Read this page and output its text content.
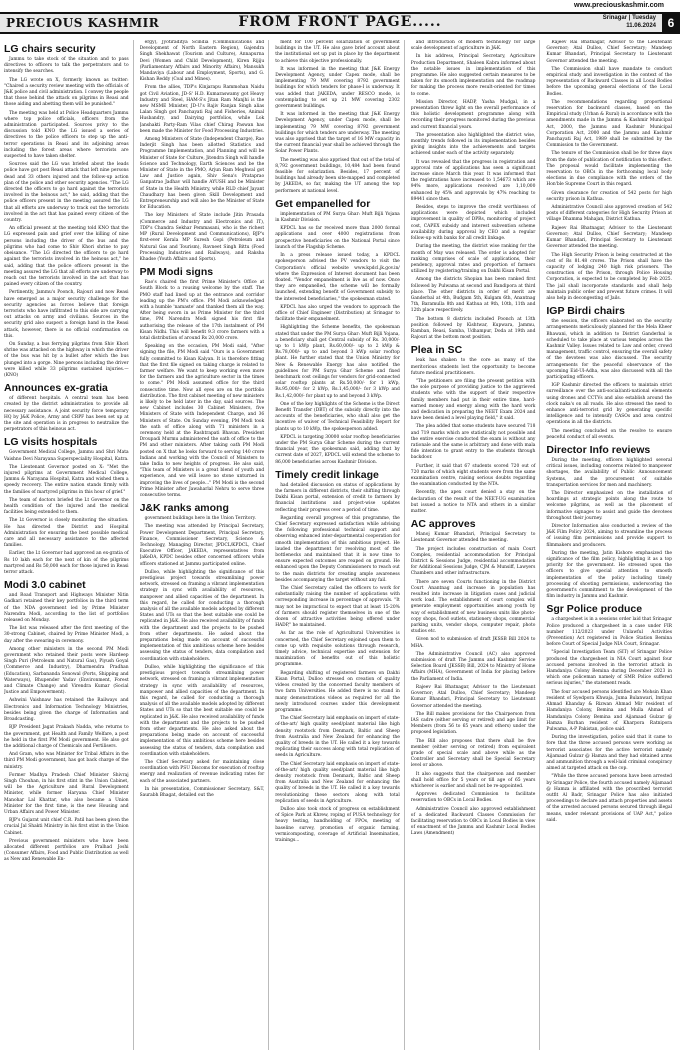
www.preciouskashmir.com
PRECIOUS KASHMIR	FROM FRONT PAGE.....	Srinagar | Tuesday
11.06.2024 6
LG chairs security

Jammu to take stock of the situation and to pass directives to officers to talk the perpetrators and to intensify the searches.

The LG wrote on X, formerly known as twitter: "Chaired a security review meeting with the officials of J&K police and civil administration. I convey the people that those behind the attack on pilgrims in Reasi and those aiding and abetting them will be punished."

The meeting was held at Police Headquarters Jammu where top police officials, officers from the administration participated. Sources privy to the discussion told KNO the LG issued a series of directives to the police officers to step up the anti-terror operations in Reasi and its adjoining areas including the forest areas where terrorists are suspected to have taken shelter.

Sources said the LG was briefed about the leads police have got post Reasi attack that left nine persons dead and 33 others injured and the follow-up action plan of the police and other security agencies. "The LG directed the officers to go hard against the terrorists involved in the heinous act," he said, adding that the police officers present in the meeting assured the LG that all efforts are underway to track out the terrorists involved in the act that has pained every citizen of the country.

An official present at the meeting told KNO that the LG expressed pain and grief over the killing of nine persons including the driver of the bus and the pilgrims who had come to Shiv Khori shrine to pay obeisance. "The LG directed the officers to go hard against the terrorists involved in the heinous act," he said, adding that the police officers present in the meeting assured the LG that all efforts are underway to reach out the terrorists involved in the act that has pained every citizen of the country.

Pertinently, Jammu's Poonch, Rajouri and now Reasi have emerged as a major security challenge for the security agencies as forces believe that foreign terrorists who have infiltrated to this side are carrying out attacks on army and civilians. Sources in the security grid also suspect a foreign hand in the Reasi attack, however, there is no official confirmation on this.

On Sunday, a bus ferrying pilgrims from Shiv Khori shrine was attacked on the highway in which the driver of the bus was hit by a bullet after which the bus plunged into a gorge. Nine persons including the driver were killed while 33 pilgrims sustained injuries.—(KNO)

Announces ex-gratia

of different hospitals. A central team has been created by the district administration to provide all necessary assistance. A joint security force temporary HQ by J&K Police, Army and CRPF has been set up at the site and operation is in progress to neutralize the perpetrators of this heinous act.

LG visits hospitals

Government Medical College, Jammu and Shri Mata Vaishno Devi Narayana Superspeciality Hospital, Katra.

The Lieutenant Governor posted on X: "Met the injured pilgrims at Government Medical College, Jammu & Narayana Hospital, Katra and wished them a speedy recovery. The entire nation stands firmly with the families of martyred pilgrims in this hour of grief."

The team of doctors briefed the Lt Governor on the health condition of the injured and the medical facilities being extended to them.

The Lt Governor is closely monitoring the situation. He has directed the District and Hospital Administration for ensuring the best possible medical care and all necessary assistance to the affected families.

Earlier, the Lt Governor had approved an ex-gratia of Rs 10 lakh each for the next of kin of the pilgrims martyred and Rs 50,000 each for those injured in Reasi terror attack.

Modi 3.0 cabinet

and Road Transport and Highways Minister Nitin Gadkari retained their key portfolios in the third term of the NDA government led by Prime Minister Narendra Modi, according to the list of portfolios released on Monday.

The list was released after the first meeting of the 30-strong Cabinet, chaired by Prime Minister Modi, a day after the swearing-in ceremony.

Among other ministers in the second PM Modi government who retained their posts were Hardeep Singh Puri (Petroleum and Natural Gas), Piyush Goyal (Commerce and Industry), Dharmendra Pradhan (Education), Sarbananda Sonowal (Ports, Shipping and Waterways), Bhupender Yadav (Environment, Forest and Climate Change) and Virendra Kumar (Social Justice and Empowerment).

Ashwini Vaishnaw has retained the Railways and Electronics and Information Technology Ministries, besides being given the charge of Information and Broadcasting.

BJP President Jagat Prakash Nadda, who returns to the government, got Health and Family Welfare, a post he held in the first PM Modi government. He also got the additional charge of Chemicals and Fertilisers.

And Gram, who was Minister for Tribal Affairs in the third PM Modi government, has got back charge of the ministry.

Former Madhya Pradesh Chief Minister Shivraj Singh Chouhan, in his first stint in the Union Cabinet, will be the Agriculture and Rural Development Minister, while former Haryana Chief Minister Manohar Lal Khattar, who also became a Union Minister for the first time, is the new Housing and Urban Affairs and Power Minister.

BJP's Gujarat unit chief C.R. Patil has been given the crucial Jal Shakti Ministry in his first stint in the Union Cabinet.

Previous government ministers who have been allocated different portfolios are Pralhad Joshi (Consumer Affairs, Food and Public Distribution as well as New and Renewable En-

ergy), Jyotiraditya Scindia (Communications and Development of North Eastern Region), Gajendra Singh Shekhawat (Tourism and Culture), Annapurna Devi (Women and Child Development), Kiren Rijiju (Parliamentary Affairs and Minority Affairs), Mansukh Mandaviya (Labour and Employment, Sports), and G. Kishan Reddy (Coal and Mines).

From the allies, TDP's Kinjarapu Rammohan Naidu got Civil Aviation, JD-S' H.D. Kumaraswamy got Heavy Industry and Steel, HAM-S's Jitan Ram Manjhi is the new MSME Minister, JD-U's Rajiv Ranjan Singh alias Lalan Singh got Panchayati Raj and Fisheries, Animal Husbandry, and Dairying portfolios, while Lok Janshakti Party-Ram Vilas chief Chirag Paswan has been made the Minister for Food Processing Industries.

Among Ministers of State (Independent Charge), Rao Inderjit Singh has been allotted Statistics and Programme Implementation, and Planning and will be Minister of State for Culture, Jitendra Singh will handle Science and Technology, Earth Sciences and be the Minister of State in the PMO, Arjun Ram Meghwal got Law and Justice again, Shiv Sena's Prataprao Ganpatrao Jadhav will handle AYUSH and be Minister of State in the Health Ministry, while RLD chief Jayant Chaudhary has been given Skill Development and Entrepreneurship and will also be the Minister of State for Education.

The key Ministers of State include Jitin Prasada (Commerce and Industry and Electronics and IT), TDP's Chandra Sekhar Pemmasani, who is the richest MP (Rural Development and Communications), BJP's first-ever Kerala MP Suresh Gopi (Petroleum and Natural Gas and Tourism), Ravneet Singh Bittu (Food Processing Industries and Railways), and Raksha Khadse (Youth Affairs and Sports).

PM Modi signs

Rao's chaired the first Prime Minister's Office at South Block to a rousing welcome by the staff. The PMO staff had lined up at the entrance and corridor leading up the PM's office. PM Modi acknowledged with a humble 'namaste' and thanked them all the way. After being sworn in as Prime Minister for the third time, PM Narendra Modi signed his first file authorising the release of the 17th instalment of PM Kisan Nidhi. This will benefit 9.3 crore farmers with a total distribution of around Rs 20,000 crore.

Speaking on the occasion, PM Modi said, "After signing the file, PM Modi said "Ours is a Government fully committed to Kisan Kalyan. It is therefore fitting that the first file signed on taking charge is related to farmer welfare. We want to keep working even more for the farmers and the agriculture sector in the times to come." PM Modi assumed office for the third consecutive time. Now all eyes are on the portfolio distribution. The first cabinet meeting of new ministers is likely to be held later in the day, said sources. The new Cabinet includes 30 Cabinet Ministers, five Ministers of State with Independent Charge, and 36 Ministers of State. On Sunday evening, PM Modi took the oath of office along with 71 ministers in a ceremony held at the Rashtrapati Bhavan. President Droupadi Murmu administered the oath of office to the PM and other ministers. After taking oath PM Modi posted on X that he looks forward to serving 140 crore Indians and working with the Council of Ministers to take India to new heights of progress. He also said, "This team of Ministers is a great blend of youth and experience, and we will leave no stone unturned in improving the lives of people..." PM Modi is the second Prime Minister after Jawaharlal Nehru to serve three consecutive terms.

J&K ranks among

government buildings here in the Union Territory.

The meeting was attended by Principal Secretary, Power Development Department, Principal Secretary, Finance, Commissioner Secretary, Science & Technology, Managing Director, JPDCL/KPDCL, Chief Executive Officer, JAKEDA, representatives from JaKeDA, KPDC besides other concerned officers while officers stationed at Jammu participated online.

Dulloo, while highlighting the significance of this prestigious project towards streamlining power network, stressed on framing a vibrant implementation strategy in sync with availability of resources, manpower and allied capacities of the department. In this regard, he called for conducting a thorough analysis of all the available models adopted by different States and UTs so that the best suitable one could be replicated in J&K. He also received availability of funds with the department and the projects to be pushed from other departments. He asked about the preparations being made on account of successful implementation of this ambitious scheme here besides assessing the status of tenders, data compilation and coordination with stakeholders.

Dulloo, while highlighting the significance of this prestigious project towards streamlining power network, stressed on framing a vibrant implementation strategy in sync with availability of resources, manpower and allied capacities of the department. In this regard, he called for conducting a thorough analysis of all the available models adopted by different States and UTs so that the best suitable one could be replicated in J&K. He also received availability of funds with the department and the projects to be pushed from other departments. He also asked about the preparations being made on account of successful implementation of this ambitious scheme here besides assessing the status of tenders, data compilation and coordination with stakeholders.

The Chief Secretary asked for maintaining close coordination with PSU Discoms for execution of rooftop energy and realization of revenue indicating rates for each of the associated partners.

In his presentation, Commissioner Secretary, S&T, Saurabh Bhagat, detailed out the

ment for 100 percent solarization of government buildings in the UT. He also gave brief account about the institutional set up put in place by the department to achieve this objective professionally.

It was informed in the meeting that J&K Energy Development Agency, under Capex mode, shall be implementing 79 MW covering 8792 government buildings for which tenders for phase-I is underway. It was added that JAKEDA, under RESCO mode, is contemplating to set up 21 MW covering 2302 government buildings.

It was informed in the meeting that J&K Energy Development Agency, under Capex mode, shall be implementing 79 MW covering 8792 government buildings for which tenders are underway. The meeting was also apprised that the target of 16 MW capacity in the current financial year shall be achieved through the Solar Power Plants.

The meeting was also apprised that out of the total of 8,792 government buildings, 10,484 had been found feasible for solarization. Besides, 17 percent of buildings had already been site-mapped and completed by JAKEDA, so far, making the UT among the top performers at national level.

Get empanelled for

implementation of PM Surya Ghar: Muft Bijli Yojana in Kashmir Division.

KPDCL has so far received more than 2000 formal applications and over 4000 registrations from prospective beneficiaries on the National Portal since launch of the Flagship Scheme.

In a press release issued today, a KPDCL spokesperson advised the PV vendors to visit the Corporation's official website www.kpdcl.jk.gov.in/ where the Expression of Interest document has been floated. "Vendor empanelment is live as of now. Once they are empanelled, the scheme will be formally launched, extending benefit of Government subsidy to the interested beneficiaries," the spokesman stated.

KPDCL has also urged the vendors to approach the office of Chief Engineer (Distribution) at Srinagar to facilitate their empanelment.

Highlighting the Scheme benefits, the spokesman stated that under the PM Surya Ghar: Muft Bijli Yojana, a beneficiary shall get Central subsidy of Rs. 30,000/- up to 1 kWp plant, Rs.60,000/- up to 2 kWp & Rs.78,000/- up to and beyond 3 kWp solar rooftop plant. He further stated that the Union Ministry for New & Renewable Energy has also notified the guidelines for PM Surya Ghar Scheme and fixed benchmark cost ceilings for vendors for grid-connected solar rooftop plants at Rs.50,000/- for 1 kWp, Rs.95,000/- for 2 kWp, Rs.1,45,000/- for 3 kWp and Rs.1,42,000/- for plant up to and beyond 3 kWp.

One of the key highlights of the Scheme is the Direct Benefit Transfer (DBT) of the subsidy directly into the accounts of the beneficiaries, who shall also get the incentive of waiver of Technical Feasibility Report for plants up to 10 kWp, the spokesperson added.

KPDCL is targeting 30000 solar rooftop beneficiaries under the PM Surya Ghar Scheme during the current financial year, the spokesman said, adding that by current date of 2027, KPDCL will extend the scheme to 86,000 beneficiaries across Kashmir Division.

Timely credit linkage

had detailed discussion on status of applications by the farmers in different districts, their shifting through Dakhi Kisan portal, extension of credit to farmers by financial institutions and project-wise updates reflecting their progress over a period of time.

Regarding overall progress of this programme, the Chief Secretary expressed satisfaction while advising the following professional technical support and observing enhanced inter-departmental cooperation for smooth implementation of this ambitious project. He lauded the department for resolving most of the bottlenecks and maintained that it is now time to ensure expected outcomes are reaped on ground. He enhanced upon the Deputy Commissioners to reach out to the main districts for creating ample awareness besides accompanying the target without any fail.

The Chief Secretary called the officers to work for substantially raising the number of applications with corresponding increase in percentage of approvals. "It may not be impractical to expect that at least 15-20% of farmers should register themselves in one of the dozen of attractive activities being offered under HADP," he maintained.

As far as the role of Agricultural Universities is concerned, the Chief Secretary enjoined upon them to come up with requisite solutions through research, timely advice, technical expertise and extension for maximization of benefits out of this holistic programme.

Regarding shifting of registered farmers on Dakhi Kisan Portal, Dulloo stressed on creation of quality videos created by the concerned faculty members of two farm Universities. He added there is no stand in many demonstrations videos as required for all the newly introduced courses under this development programme.

The Chief Secretary laid emphasis on import of state-of-the-art/ high quality seed/plant material like high density rootstock from Denmark, Baltic and Sheep from Australia and New Zealand for enhancing the quality of breeds in the UT. He called it a key towards replicating their success along with total replication of seeds in Agriculture.

The Chief Secretary laid emphasis on import of state-of-the-art/ high quality seed/plant material like high density rootstock from Denmark, Baltic and Sheep from Australia and New Zealand for enhancing the quality of breeds in the UT. He called it a key towards revolutionizing these sectors along with total replication of seeds in Agriculture.

Dulloo also took stock of progress on establishment of Spice Park at Khrew, roping of PUSA technology for heavy testing, handholding of FPOs, meeting of baseline survey, promotion of organic farming, vermicomposting, coverage of Artificial Insemination, trainings...

and introduction of modern technology for large scale development of agriculture in J&K.

In his address, Principal Secretary, Agriculture Production Department, Shaleen Kabra informed about the notable issues in implementation of this programme. He also suggested certain measures to be taken for its smooth implementation and the roadmap for making the process more result-oriented for times to come.

Mission Director, HADP, Yasha Mudgal, in a presentation threw light on the overall performance of this holistic development programme along with recording their progress monitored during the previous and current financial years.

The presentation also highlighted the district wise, monthly trends followed in its implementation besides giving insights into the achievements and targets achieved under each of the activity separately.

It was revealed that the progress in registration and approval rate of applications has seen a significant increase since March this year. It was informed that the registrations have increased to 1,54673 which are 94% more, applications received are 1,10,000 enhanced by 45% and approvals by 47% reaching to 89441 since then.

Besides, steps to improve the credit worthiness of applications were depicted which included improvement in quality of DPRs, monitoring of project cost, CAPEX subsidy and interest subvention scheme availability during approval by CEO and a regular follow-up with banks for all credit linkage.

During the meeting, the district wise ranking for the month of May was released. The order is adopted for ranking comprises of scale of applications, their pendency, approval rates and proportion of farmers utilized by registering/training on Dakhi Kisan Portal.

Among the districts Shopian has been ranked first followed by Pulwama at second and Bandipora at third place. The other districts in order of merit are Ganderbal at 4th, Budgam 5th, Kulgam 6th, Anantnag 7th, Baramulla 8th and Kathua at 9th, 10th, 11th and 12th place respectively.

The bottom 8 districts included Poonch at 13th position followed by Kishtwar, Kupwara, Jammu, Ramban, Reasi, Samba, Udhampur, Doda at 19th and Rajouri at the bottom most position.

Plea in SC

leak has shaken to the core as many of the meritorious students lost the opportunity to become future medical practitioners.

"The petitioners are filing the present petition with the sole purpose of providing justice to the aggrieved students who with the support of their respective family members had put in their entire time, hard-earned money and energy along with the hard work and dedication in preparing the NEET Exam 2024 and have been denied a level playing field," it said.

The plea added that some students have secured 718 and 719 marks which are statistically not possible and the entire exercise conducted the exam is without any rationale and the same is arbitrary and done with mala fide intention to grant entry to the students through backdoor.

Further, it said that 67 students scored 720 out of 720 marks of which eight students were from the same examination centre, raising serious doubts regarding the examination conducted by the NTA.

Recently, the apex court denied a stay on the declaration of the result of the NEET-UG examination but issued a notice to NTA and others in a similar matter.

AC approves

Manoj Kumar Bhandari, Principal Secretary to Lieutenant Governor attended the meeting.

The project includes construction of main Court Complex, residential accommodation for Principal District & Sessions Judge, residential accommodation for Additional Sessions Judge, CJM & Munsiff, Lawyers Chambers and other infrastructure.

There are seven Courts functioning in the District Court Anantnag and increase in population has resulted into increase in litigation cases and judicial work load. The establishment of court complex will generate employment opportunities among youth by way of establishment of new business units like photo-copy shops, food outlets, stationery shops, commercial parking units, vendor shops, computer repair, photo studios etc.

Given nod to submission of draft JKSSB Bill 2024 to MHA.

The Administrative Council (AC) also approved submission of draft The Jammu and Kashmir Service Selection Board (JKSSB) Bill, 2024 to Ministry of Home Affairs (MHA), Government of India for placing before the Parliament of India.

Rajeev Rai Bhatnagar, Advisor to the Lieutenant Governor; Atal Dulloo, Chief Secretary; Mandeep Kumar Bhandari, Principal Secretary to Lieutenant Governor attended the meeting.

The Bill makes provisions for the Chairperson from IAS cadre (either serving or retired) and age limit for Members (from 56 to 65 years and others) under the proposed legislation.

The Bill also proposes that there shall be five member (either serving or retired) from equivalent grade of special scale and above while as the Controller and Secretary shall be Special Secretary level or above.

It also suggests that the chairperson and member shall hold office for 5 years or till age of 65 years whichever is earlier and shall not be re-appointed.

Approves dedicated Commission to facilitate reservation to OBCs in Local Bodies.

Administrative Council also approved establishment of a dedicated Backward Classes Commission for facilitating reservation to OBCs in Local Bodies in view of enactment of the Jammu and Kashmir Local Bodies Laws (Amendment)

Rajeev Rai Bhatnagar, Advisor to the Lieutenant Governor; Atal Dulloo, Chief Secretary; Mandeep Kumar Bhandari, Principal Secretary to Lieutenant Governor attended the meeting.

The Commission shall have mandate to conduct empirical study and investigation in the context of the representation of Backward Classes in all Local Bodies before the upcoming general elections of the Local Bodies.

The recommendations regarding proportional reservation for backward classes, based on the Empirical study (Urban & Rural) in accordance with the amendments made in the Jammu & Kashmir Municipal Act, 2000, the Jammu and Kashmir Municipal Corporation Act, 2000 and the Jammu and Kashmir Panchayati Raj Act, 1989 shall be submitted by the Commission to the Government.

The tenure of the Commission shall be for three days from the date of publication of notification to this effect. The proposal would facilitate implementing the reservation to OBCs in the forthcoming local body elections in due compliance with the orders of the Hon'ble Supreme Court in this regard.

Given clearance for creation of 542 posts for high security prison in Kathua.

Administrative Council also approved creation of 542 posts of different categories for High Security Prison at village Dhamma Mahajan, District Kathua.

Rajeev Rai Bhatnagar, Advisor to the Lieutenant Governor; Atal Dulloo, Chief Secretary; Mandeep Kumar Bhandari, Principal Secretary to Lieutenant Governor attended the meeting.

The High Security Prison is being constructed at the cost of Rs 81.48 crores. The Prison shall have the capacity of lodging 240 high risk prisoners. The construction of the Prison, through Police Housing Corporation, is expected to be completed by Feb 2025. The jail shall incorporate standards and shall help maintain public order and prevent future crimes. It will also help in decongesting of Jails.

IGP Birdi chairs

the session, the officers elaborated on the security arrangements meticulously planned for the Mela Kheer Bhawani, which in addition to District Ganderbal is scheduled to take place at various temples across the Kashmir Valley. Issues related to Law and order, crowd management, traffic control, ensuring the overall safety of the devotees was also discussed. The security arrangements for the peaceful observance of the upcoming Eid-Ul-Adha, was also discussed with all the participating officers.

IGP Kashmir directed the officers to maintain strict surveillance over the anti-social/anti-national elements using drones and CCTVs and also establish around the clock naka's on all roads. He also stressed the need to enhance anti-terrorist grid by generating specific intelligence and to intensify CASOs and area control operations in all the districts.

The meeting concluded on the resolve to ensure peaceful conduct of all events.

Director Info reviews

During the meeting, officers highlighted several critical issues, including concerns related to manpower shortages, the availability of Public Announcement Systems, and the procurement of suitable transportation services for men and machinery.

The Director emphasized on the installation of hoardings at strategic points along the route to welcome pilgrims, as well as the placement of informative signages to assist and guide the devotees throughout their journey.

Director Information also conducted a review of the J&K Film Policy 2024, aiming to streamline the process of issuing film permissions and provide support to filmmakers and producers.

During the meeting, Jatin Kishore emphasized the significance of the film policy, highlighting it as a top priority for the government. He stressed upon the officers to give special attention to smooth implementation of the policy including timely processing of shooting permissions, underscoring the government's commitment to the development of the film industry in Jammu and Kashmir.

Sgr Police produce

a chargesheet is in a sessions order laid that Srinagar Police produced a chargesheet in a case under FIR number 112/2023 under Unlawful Activities (Prevention) Act registered in Police Station Bemina before Court of Special Judge NIA Court, Srinagar.

"Special Investigation Team (SIT) of Srinagar Police produced the chargesheet in NIA Court against four accused persons involved in the terrorist attack in Hamdaniya Colony Bemina during December 2023 in which one policeman namely of SMR Police suffered serious injuries," the statement reads.

The four accused persons identified are Mohsin Khan resident of Syedpora Khwaja, Juma Bulanwari, Imtiyaz Ahmad Khanday & Rizwan Ahmad Mir resident of Hamdaniya Colony, Bemina and Mulla Ahmad of Hamdaniya Colony Bemina and Aijamaad Gulzar @ Hamza Burhan resident of Kharpora Ratnipora Pulwama, A-P Pakistan, police said.

During the investigation, police said that it came to fore that the three accused persons were working as terrorist associates for the active terrorist namely Aijamaad Gulzar @ Hamza and they had obtained arms and ammunition through a well-laid criminal conspiracy aimed at targeted attack on the cop.

"While the three accused persons have been arrested by Srinagar Police, the fourth accused namely Aijamaad @ Hamza is affiliated with the proscribed terrorist outfit Al Badr, Srinagar Police has also initiated proceedings to declare and attach properties and assets of the arrested accused persons secured through illegal means, under relevant provisions of UAP Act," police said.
